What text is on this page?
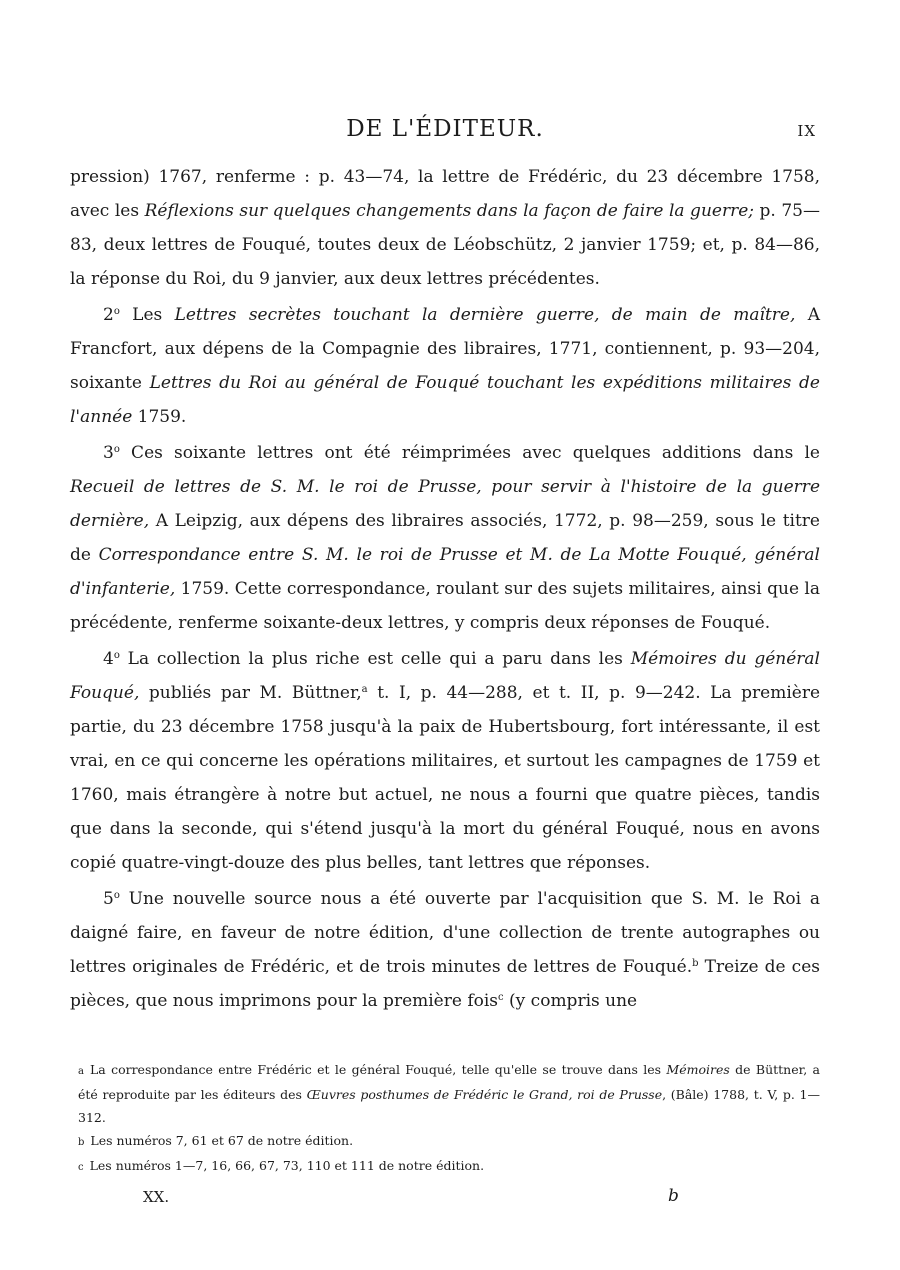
DE L'ÉDITEUR.	IX

pression) 1767, renferme : p. 43—74, la lettre de Frédéric, du 23 décembre 1758, avec les Réflexions sur quelques changements dans la façon de faire la guerre; p. 75—83, deux lettres de Fouqué, toutes deux de Léobschütz, 2 janvier 1759; et, p. 84—86, la réponse du Roi, du 9 janvier, aux deux lettres précédentes.

2$^o$ Les Lettres secrètes touchant la dernière guerre, de main de maître, A Francfort, aux dépens de la Compagnie des libraires, 1771, contiennent, p. 93—204, soixante Lettres du Roi au général de Fouqué touchant les expéditions militaires de l'année 1759.

3$^o$ Ces soixante lettres ont été réimprimées avec quelques additions dans le Recueil de lettres de S. M. le roi de Prusse, pour servir à l'histoire de la guerre dernière, A Leipzig, aux dépens des libraires associés, 1772, p. 98—259, sous le titre de Correspondance entre S. M. le roi de Prusse et M. de La Motte Fouqué, général d'infanterie, 1759. Cette correspondance, roulant sur des sujets militaires, ainsi que la précédente, renferme soixante-deux lettres, y compris deux réponses de Fouqué.

4$^o$ La collection la plus riche est celle qui a paru dans les Mémoires du général Fouqué, publiés par M. Büttner,$^a$ t. I, p. 44—288, et t. II, p. 9—242. La première partie, du 23 décembre 1758 jusqu'à la paix de Hubertsbourg, fort intéressante, il est vrai, en ce qui concerne les opérations militaires, et surtout les campagnes de 1759 et 1760, mais étrangère à notre but actuel, ne nous a fourni que quatre pièces, tandis que dans la seconde, qui s'étend jusqu'à la mort du général Fouqué, nous en avons copié quatre-vingt-douze des plus belles, tant lettres que réponses.

5$^o$ Une nouvelle source nous a été ouverte par l'acquisition que S. M. le Roi a daigné faire, en faveur de notre édition, d'une collection de trente autographes ou lettres originales de Frédéric, et de trois minutes de lettres de Fouqué.$^b$ Treize de ces pièces, que nous imprimons pour la première fois$^c$ (y compris une

a La correspondance entre Frédéric et le général Fouqué, telle qu'elle se trouve dans les Mémoires de Büttner, a été reproduite par les éditeurs des Œuvres posthumes de Frédéric le Grand, roi de Prusse, (Bâle) 1788, t. V, p. 1—312.

b Les numéros 7, 61 et 67 de notre édition.

c Les numéros 1—7, 16, 66, 67, 73, 110 et 111 de notre édition.

XX.	b
